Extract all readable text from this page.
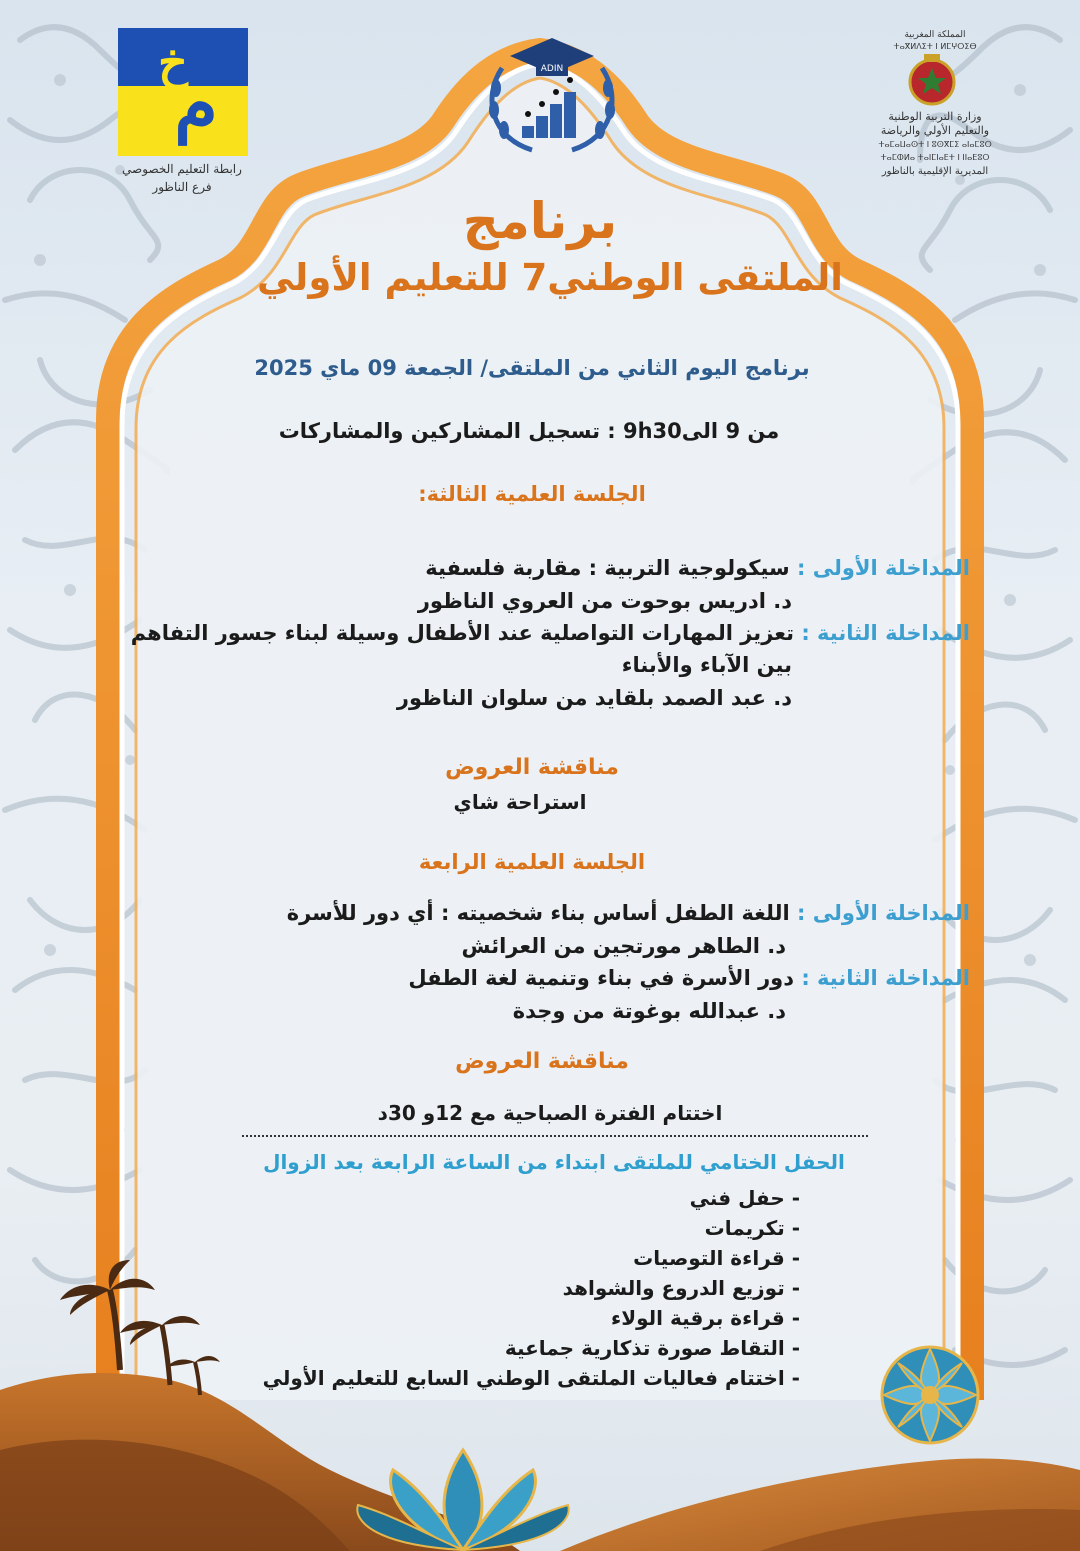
م
خ
رابطة التعليم الخصوصي
فرع الناظور
ADIN
المملكة المغربية
ⵜⴰⴳⵍⴷⵉⵜ ⵏ ⵍⵎⵖⵔⵉⴱ
وزارة التربية الوطنية
والتعليم الأولي والرياضة
ⵜⴰⵎⴰⵡⴰⵙⵜ ⵏ ⵓⵙⴳⵎⵉ ⴰⵏⴰⵎⵓⵔ
ⵜⴰⵎⵀⵍⴰ ⵜⴰⵏⵎⵏⴰⴹⵜ ⵏ ⵏⵏⴰⴹⵓⵔ
المديرية الإقليمية بالناظور
برنامج
الملتقى الوطني7 للتعليم الأولي
برنامج اليوم الثاني من الملتقى/ الجمعة 09 ماي 2025
من 9 الى9h30 : تسجيل المشاركين والمشاركات
الجلسة العلمية الثالثة:
المداخلة الأولى : سيكولوجية التربية : مقاربة فلسفية
د. ادريس بوحوت من العروي الناظور
المداخلة الثانية : تعزيز المهارات التواصلية عند الأطفال وسيلة لبناء جسور التفاهم
بين الآباء والأبناء
د. عبد الصمد بلقايد من سلوان الناظور
مناقشة العروض
استراحة شاي
الجلسة العلمية الرابعة
المداخلة الأولى : اللغة الطفل أساس بناء شخصيته : أي دور للأسرة
د. الطاهر مورتجين من العرائش
المداخلة الثانية : دور الأسرة في بناء وتنمية لغة الطفل
د. عبدالله بوغوتة من وجدة
مناقشة العروض
اختتام الفترة الصباحية مع 12و 30د
الحفل الختامي للملتقى ابتداء من الساعة الرابعة بعد الزوال
- حفل فني
- تكريمات
- قراءة التوصيات
- توزيع الدروع والشواهد
- قراءة برقية الولاء
- التقاط صورة تذكارية جماعية
- اختتام فعاليات الملتقى الوطني السابع للتعليم الأولي
